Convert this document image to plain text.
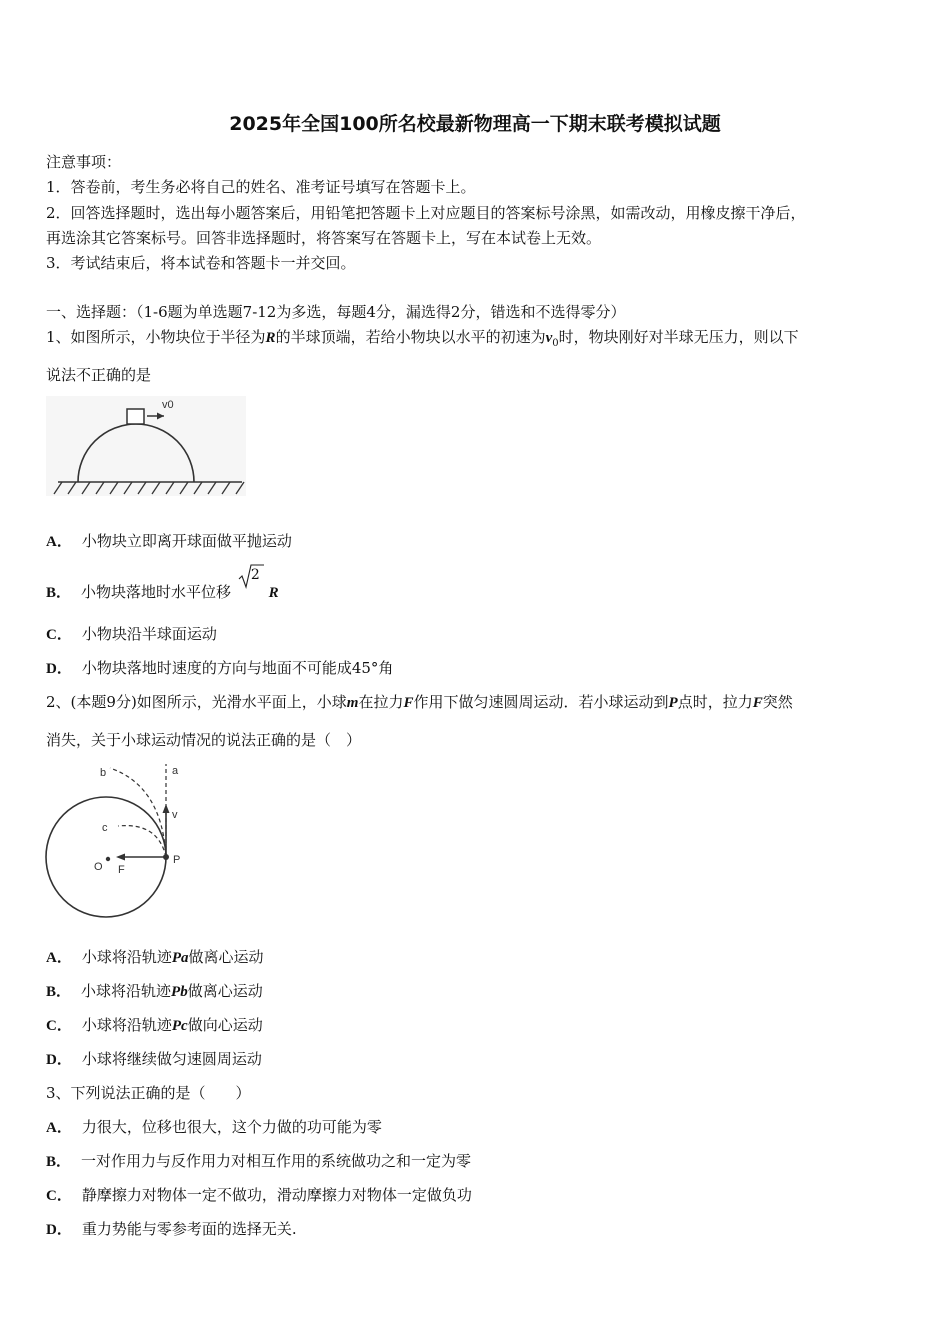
2025年全国100所名校最新物理高一下期末联考模拟试题
注意事项：
1．答卷前，考生务必将自己的姓名、准考证号填写在答题卡上。
2．回答选择题时，选出每小题答案后，用铅笔把答题卡上对应题目的答案标号涂黑，如需改动，用橡皮擦干净后，
再选涂其它答案标号。回答非选择题时，将答案写在答题卡上，写在本试卷上无效。
3．考试结束后，将本试卷和答题卡一并交回。
一、选择题：（1-6题为单选题7-12为多选，每题4分，漏选得2分，错选和不选得零分）
1、如图所示，小物块位于半径为R的半球顶端，若给小物块以水平的初速为$v_0$时，物块刚好对半球无压力，则以下
说法不正确的是
v0
A． 小物块立即离开球面做平抛运动
B． 小物块落地时水平位移
2
R
C． 小物块沿半球面运动
D． 小物块落地时速度的方向与地面不可能成45°角
2、(本题9分)如图所示，光滑水平面上，小球m在拉力F作用下做匀速圆周运动．若小球运动到P点时，拉力F突然
消失，关于小球运动情况的说法正确的是（　）
a
b
c
v
O F
P
A． 小球将沿轨迹Pa做离心运动
B． 小球将沿轨迹Pb做离心运动
C． 小球将沿轨迹Pc做向心运动
D． 小球将继续做匀速圆周运动
3、下列说法正确的是（　　）
A． 力很大，位移也很大，这个力做的功可能为零
B． 一对作用力与反作用力对相互作用的系统做功之和一定为零
C． 静摩擦力对物体一定不做功，滑动摩擦力对物体一定做负功
D． 重力势能与零参考面的选择无关.
